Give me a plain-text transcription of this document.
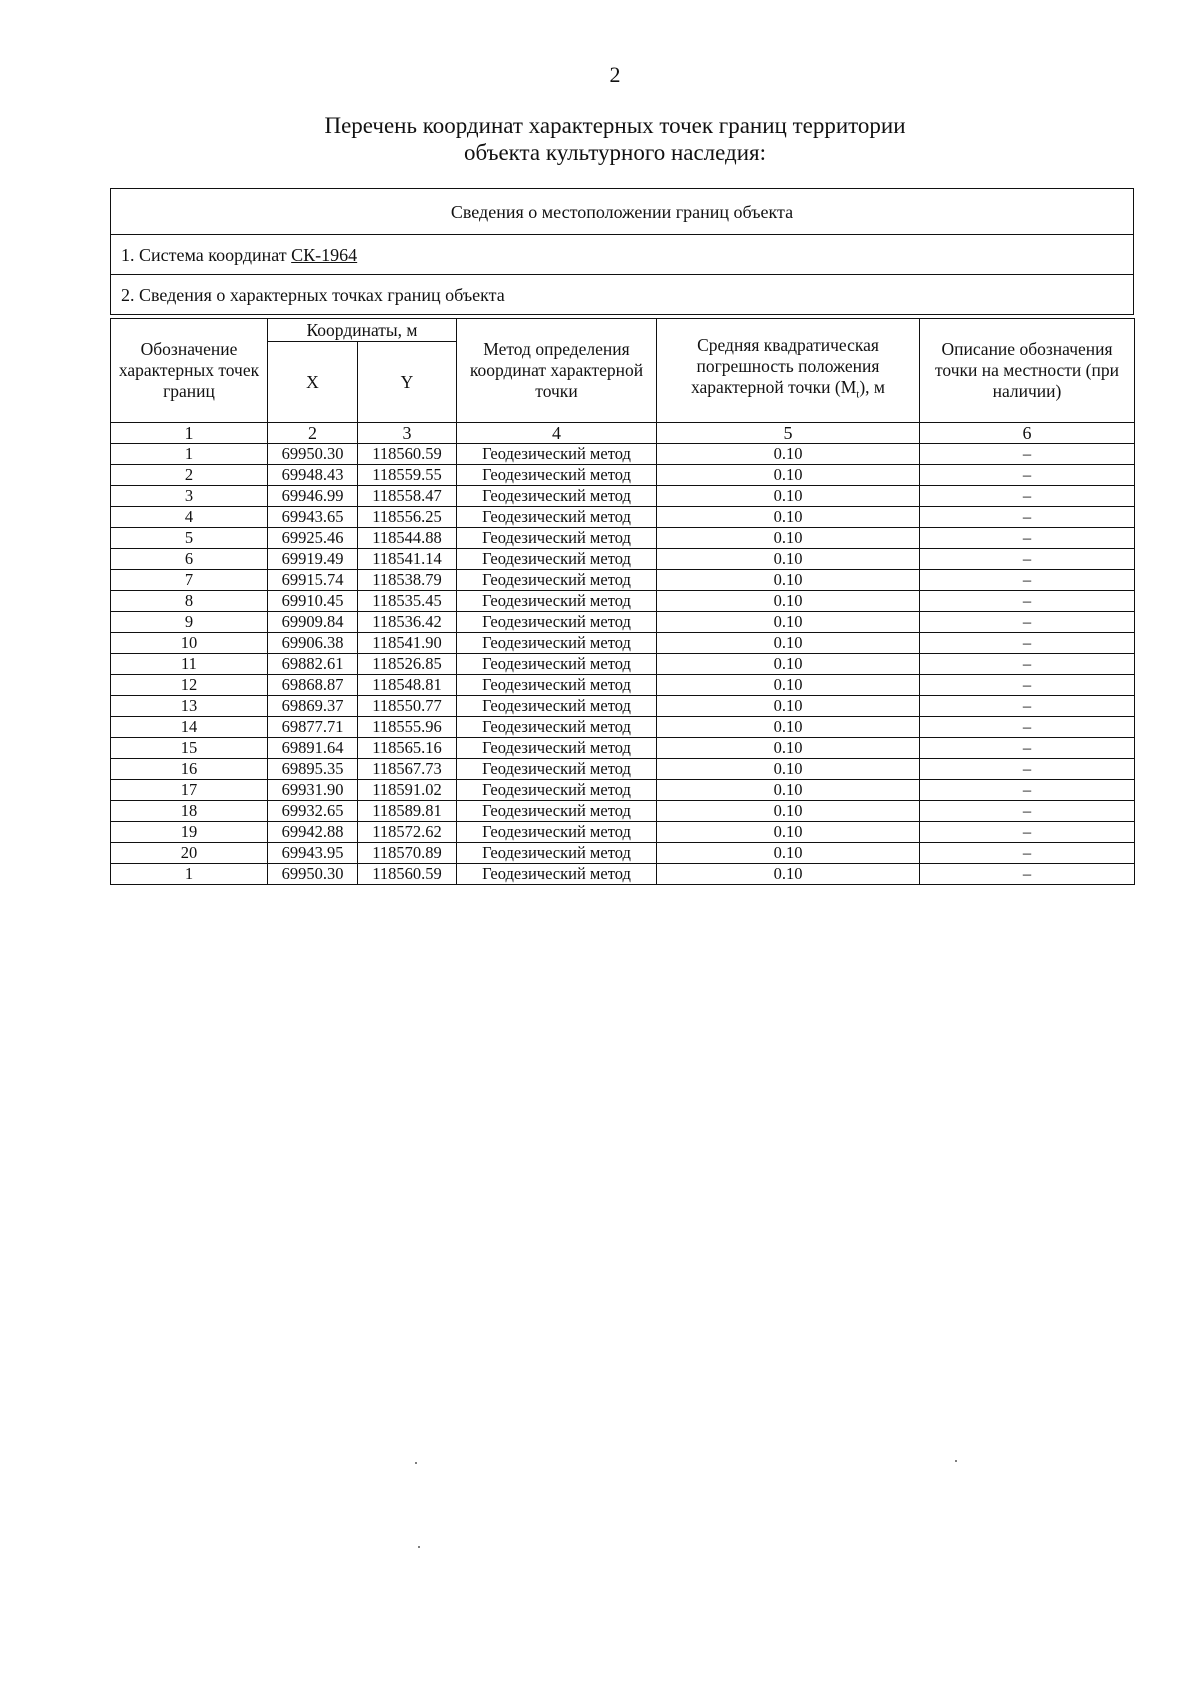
2
Перечень координат характерных точек границ территории
объекта культурного наследия:
Сведения о местоположении границ объекта
1. Система координат СК-1964
2. Сведения о характерных точках границ объекта
Обозначение характерных точек границ	Координаты, м		Метод определения координат характерной точки	Средняя квадратическая погрешность положения характерной точки $(M_t)$, м	Описание обозначения точки на местности (при наличии)
	X	Y			
1	2	3	4	5	6
1	69950.30	118560.59	Геодезический метод	0.10	–
2	69948.43	118559.55	Геодезический метод	0.10	–
3	69946.99	118558.47	Геодезический метод	0.10	–
4	69943.65	118556.25	Геодезический метод	0.10	–
5	69925.46	118544.88	Геодезический метод	0.10	–
6	69919.49	118541.14	Геодезический метод	0.10	–
7	69915.74	118538.79	Геодезический метод	0.10	–
8	69910.45	118535.45	Геодезический метод	0.10	–
9	69909.84	118536.42	Геодезический метод	0.10	–
10	69906.38	118541.90	Геодезический метод	0.10	–
11	69882.61	118526.85	Геодезический метод	0.10	–
12	69868.87	118548.81	Геодезический метод	0.10	–
13	69869.37	118550.77	Геодезический метод	0.10	–
14	69877.71	118555.96	Геодезический метод	0.10	–
15	69891.64	118565.16	Геодезический метод	0.10	–
16	69895.35	118567.73	Геодезический метод	0.10	–
17	69931.90	118591.02	Геодезический метод	0.10	–
18	69932.65	118589.81	Геодезический метод	0.10	–
19	69942.88	118572.62	Геодезический метод	0.10	–
20	69943.95	118570.89	Геодезический метод	0.10	–
1	69950.30	118560.59	Геодезический метод	0.10	–
